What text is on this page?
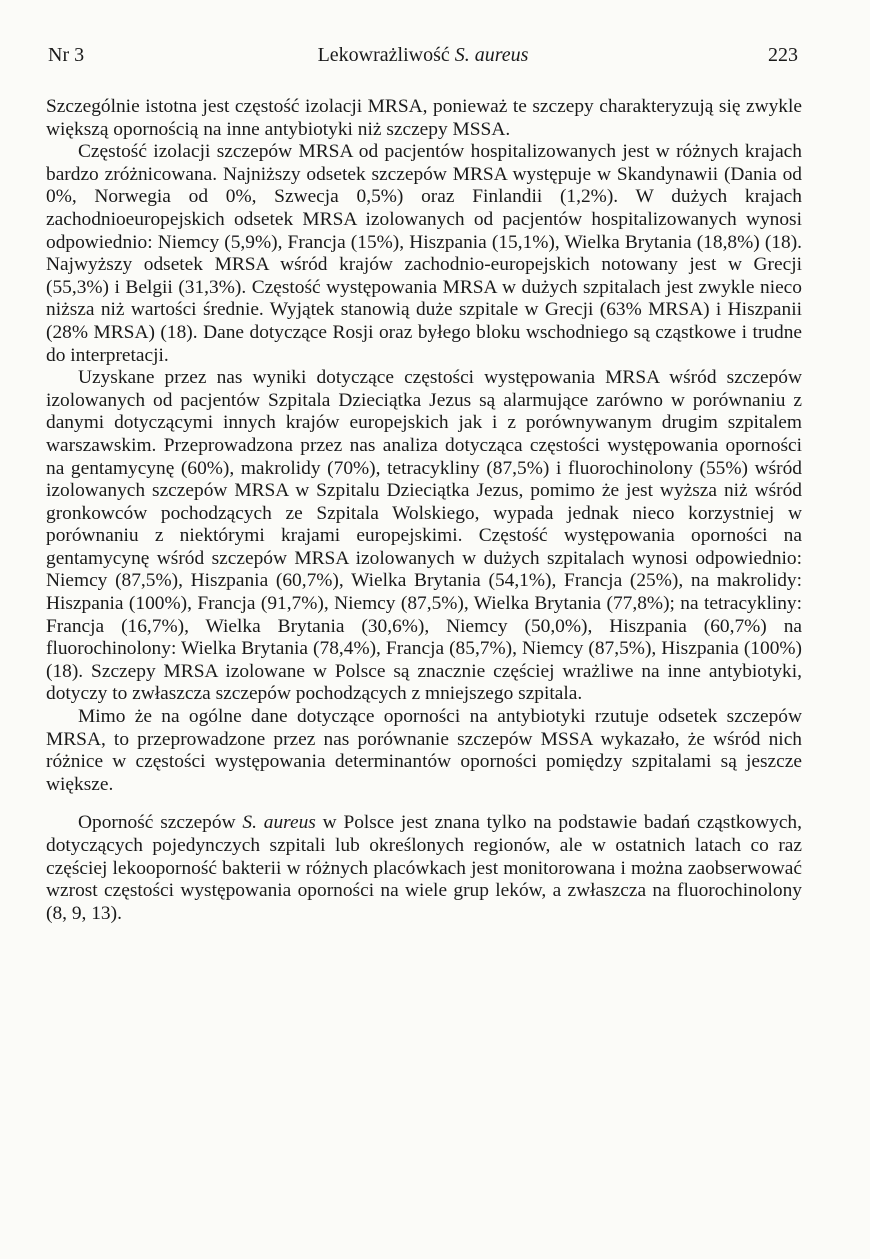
Nr 3	Lekowrażliwość S. aureus	223

Szczególnie istotna jest częstość izolacji MRSA, ponieważ te szczepy charakteryzują się zwykle większą opornością na inne antybiotyki niż szczepy MSSA.

Częstość izolacji szczepów MRSA od pacjentów hospitalizowanych jest w różnych krajach bardzo zróżnicowana. Najniższy odsetek szczepów MRSA występuje w Skandynawii (Dania od 0%, Norwegia od 0%, Szwecja 0,5%) oraz Finlandii (1,2%). W dużych krajach zachodnioeuropejskich odsetek MRSA izolowanych od pacjentów hospitalizowanych wynosi odpowiednio: Niemcy (5,9%), Francja (15%), Hiszpania (15,1%), Wielka Brytania (18,8%) (18). Najwyższy odsetek MRSA wśród krajów zachodnio-europejskich notowany jest w Grecji (55,3%) i Belgii (31,3%). Częstość występowania MRSA w dużych szpitalach jest zwykle nieco niższa niż wartości średnie. Wyjątek stanowią duże szpitale w Grecji (63% MRSA) i Hiszpanii (28% MRSA) (18). Dane dotyczące Rosji oraz byłego bloku wschodniego są cząstkowe i trudne do interpretacji.

Uzyskane przez nas wyniki dotyczące częstości występowania MRSA wśród szczepów izolowanych od pacjentów Szpitala Dzieciątka Jezus są alarmujące zarówno w porównaniu z danymi dotyczącymi innych krajów europejskich jak i z porównywanym drugim szpitalem warszawskim. Przeprowadzona przez nas analiza dotycząca częstości występowania oporności na gentamycynę (60%), makrolidy (70%), tetracykliny (87,5%) i fluorochinolony (55%) wśród izolowanych szczepów MRSA w Szpitalu Dzieciątka Jezus, pomimo że jest wyższa niż wśród gronkowców pochodzących ze Szpitala Wolskiego, wypada jednak nieco korzystniej w porównaniu z niektórymi krajami europejskimi. Częstość występowania oporności na gentamycynę wśród szczepów MRSA izolowanych w dużych szpitalach wynosi odpowiednio: Niemcy (87,5%), Hiszpania (60,7%), Wielka Brytania (54,1%), Francja (25%), na makrolidy: Hiszpania (100%), Francja (91,7%), Niemcy (87,5%), Wielka Brytania (77,8%); na tetracykliny: Francja (16,7%), Wielka Brytania (30,6%), Niemcy (50,0%), Hiszpania (60,7%) na fluorochinolony: Wielka Brytania (78,4%), Francja (85,7%), Niemcy (87,5%), Hiszpania (100%) (18). Szczepy MRSA izolowane w Polsce są znacznie częściej wrażliwe na inne antybiotyki, dotyczy to zwłaszcza szczepów pochodzących z mniejszego szpitala.

Mimo że na ogólne dane dotyczące oporności na antybiotyki rzutuje odsetek szczepów MRSA, to przeprowadzone przez nas porównanie szczepów MSSA wykazało, że wśród nich różnice w częstości występowania determinantów oporności pomiędzy szpitalami są jeszcze większe.

Oporność szczepów S. aureus w Polsce jest znana tylko na podstawie badań cząstkowych, dotyczących pojedynczych szpitali lub określonych regionów, ale w ostatnich latach co raz częściej lekooporność bakterii w różnych placówkach jest monitorowana i można zaobserwować wzrost częstości występowania oporności na wiele grup leków, a zwłaszcza na fluorochinolony (8, 9, 13).
